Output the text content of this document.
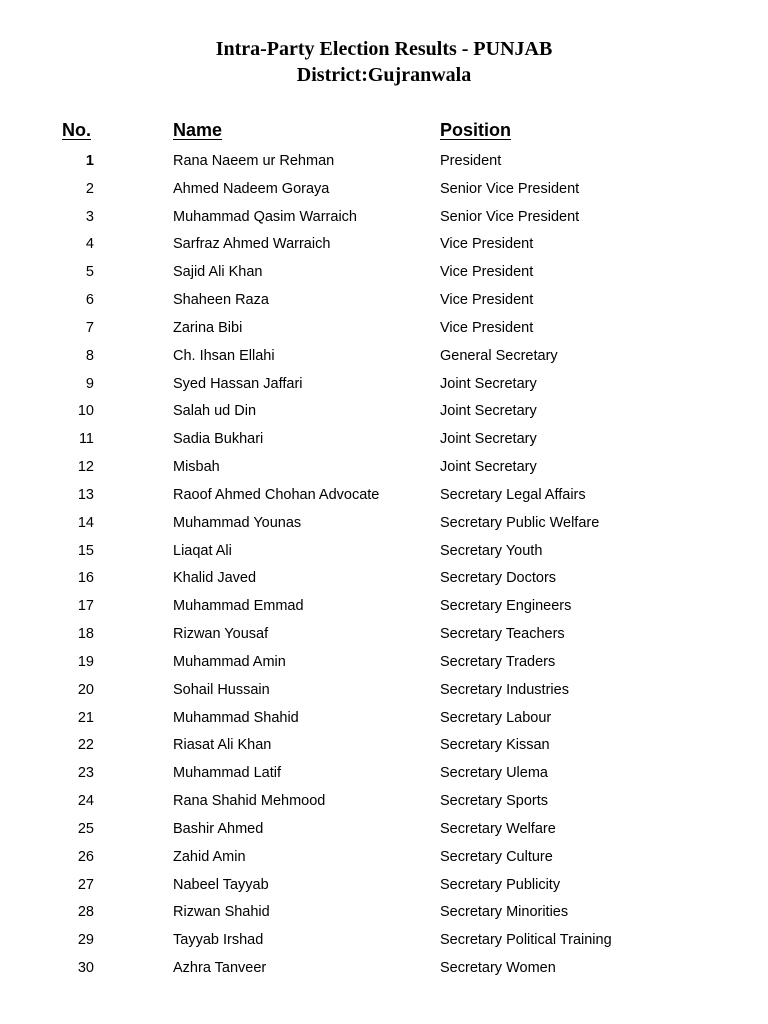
Intra-Party Election Results - PUNJAB
District:Gujranwala
No.	Name	Position
1	Rana Naeem ur Rehman	President
2	Ahmed Nadeem Goraya	Senior Vice President
3	Muhammad Qasim Warraich	Senior Vice President
4	Sarfraz Ahmed Warraich	Vice President
5	Sajid Ali Khan	Vice President
6	Shaheen Raza	Vice President
7	Zarina Bibi	Vice President
8	Ch. Ihsan Ellahi	General Secretary
9	Syed Hassan Jaffari	Joint Secretary
10	Salah ud Din	Joint Secretary
11	Sadia Bukhari	Joint Secretary
12	Misbah	Joint Secretary
13	Raoof Ahmed Chohan Advocate	Secretary Legal Affairs
14	Muhammad Younas	Secretary Public Welfare
15	Liaqat Ali	Secretary Youth
16	Khalid Javed	Secretary Doctors
17	Muhammad Emmad	Secretary Engineers
18	Rizwan Yousaf	Secretary Teachers
19	Muhammad Amin	Secretary Traders
20	Sohail Hussain	Secretary Industries
21	Muhammad Shahid	Secretary Labour
22	Riasat Ali Khan	Secretary Kissan
23	Muhammad Latif	Secretary Ulema
24	Rana Shahid Mehmood	Secretary Sports
25	Bashir Ahmed	Secretary Welfare
26	Zahid Amin	Secretary Culture
27	Nabeel Tayyab	Secretary Publicity
28	Rizwan Shahid	Secretary Minorities
29	Tayyab Irshad	Secretary Political Training
30	Azhra Tanveer	Secretary Women
